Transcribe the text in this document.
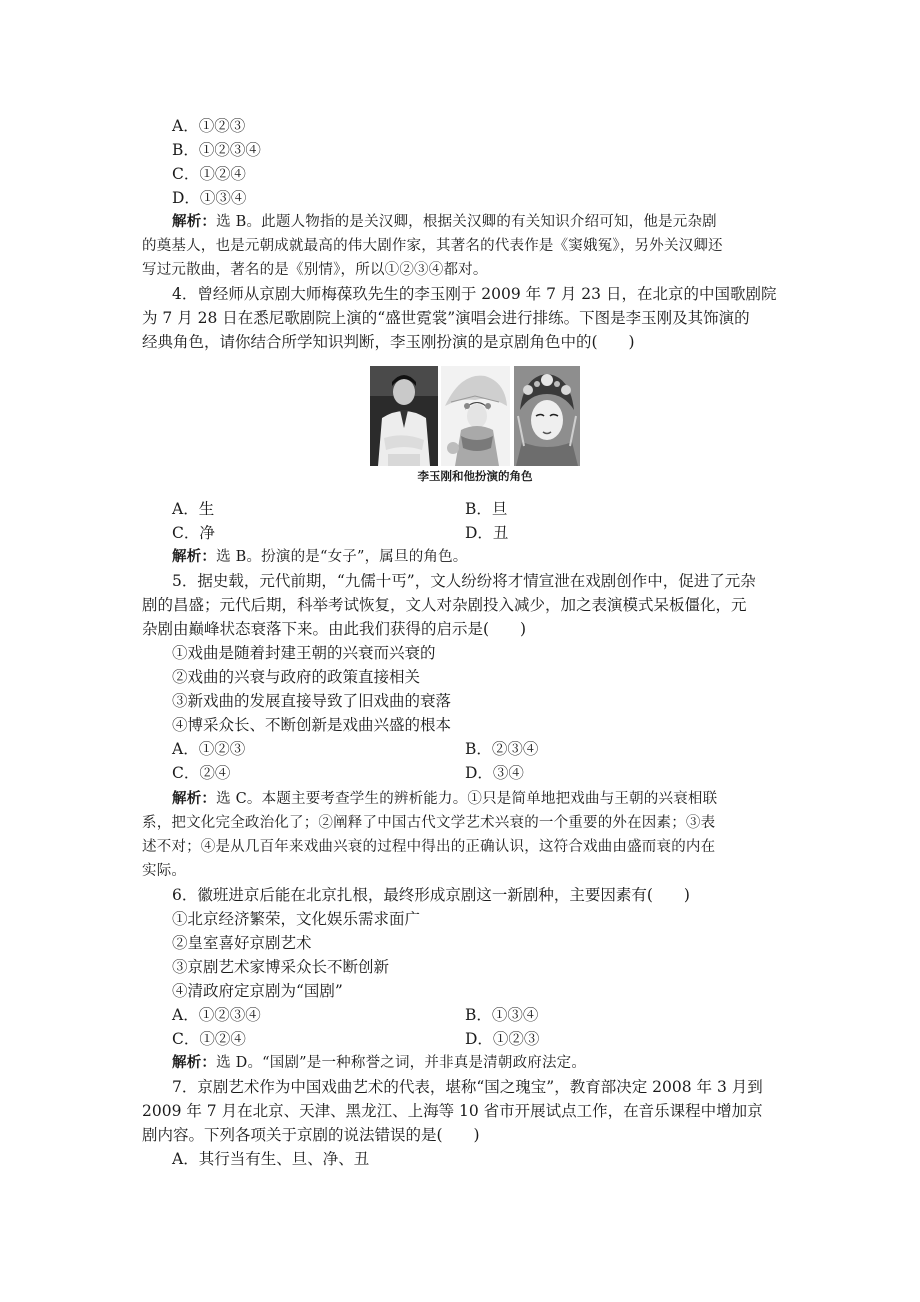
A．①②③
B．①②③④
C．①②④
D．①③④
解析：选 B。此题人物指的是关汉卿，根据关汉卿的有关知识介绍可知，他是元杂剧
的奠基人，也是元朝成就最高的伟大剧作家，其著名的代表作是《窦娥冤》，另外关汉卿还
写过元散曲，著名的是《别情》，所以①②③④都对。
4．曾经师从京剧大师梅葆玖先生的李玉刚于 2009 年 7 月 23 日，在北京的中国歌剧院
为 7 月 28 日在悉尼歌剧院上演的“盛世霓裳”演唱会进行排练。下图是李玉刚及其饰演的
经典角色，请你结合所学知识判断，李玉刚扮演的是京剧角色中的(　　)
李玉刚和他扮演的角色
A．生	B．旦
C．净	D．丑
解析：选 B。扮演的是“女子”，属旦的角色。
5．据史载，元代前期，“九儒十丐”，文人纷纷将才情宣泄在戏剧创作中，促进了元杂
剧的昌盛；元代后期，科举考试恢复，文人对杂剧投入减少，加之表演模式呆板僵化，元
杂剧由巅峰状态衰落下来。由此我们获得的启示是(　　)
①戏曲是随着封建王朝的兴衰而兴衰的
②戏曲的兴衰与政府的政策直接相关
③新戏曲的发展直接导致了旧戏曲的衰落
④博采众长、不断创新是戏曲兴盛的根本
A．①②③	B．②③④
C．②④	D．③④
解析：选 C。本题主要考查学生的辨析能力。①只是简单地把戏曲与王朝的兴衰相联
系，把文化完全政治化了；②阐释了中国古代文学艺术兴衰的一个重要的外在因素；③表
述不对；④是从几百年来戏曲兴衰的过程中得出的正确认识，这符合戏曲由盛而衰的内在
实际。
6．徽班进京后能在北京扎根，最终形成京剧这一新剧种，主要因素有(　　)
①北京经济繁荣，文化娱乐需求面广
②皇室喜好京剧艺术
③京剧艺术家博采众长不断创新
④清政府定京剧为“国剧”
A．①②③④	B．①③④
C．①②④	D．①②③
解析：选 D。“国剧”是一种称誉之词，并非真是清朝政府法定。
7．京剧艺术作为中国戏曲艺术的代表，堪称“国之瑰宝”，教育部决定 2008 年 3 月到
2009 年 7 月在北京、天津、黑龙江、上海等 10 省市开展试点工作，在音乐课程中增加京
剧内容。下列各项关于京剧的说法错误的是(　　)
A．其行当有生、旦、净、丑
